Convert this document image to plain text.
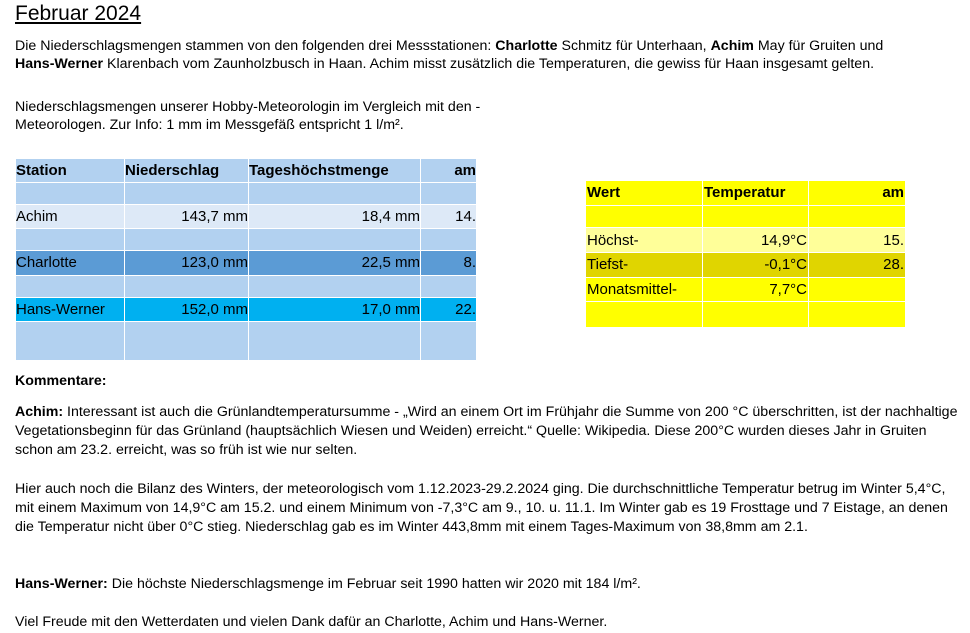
Februar 2024
Die Niederschlagsmengen stammen von den folgenden drei Messstationen: Charlotte Schmitz für Unterhaan, Achim May für Gruiten und Hans-Werner Klarenbach vom Zaunholzbusch in Haan. Achim misst zusätzlich die Temperaturen, die gewiss für Haan insgesamt gelten.
Niederschlagsmengen unserer Hobby-Meteorologin im Vergleich mit den -Meteorologen. Zur Info: 1 mm im Messgefäß entspricht 1 l/m².
Station	Niederschlag	Tageshöchstmenge	am

Achim	143,7 mm	18,4 mm	14.

Charlotte	123,0 mm	22,5 mm	8.

Hans-Werner	152,0 mm	17,0 mm	22.

Wert	Temperatur	am

Höchst-	14,9°C	15.
Tiefst-	-0,1°C	28.
Monatsmittel-	7,7°C	

Kommentare:
Achim: Interessant ist auch die Grünlandtemperatursumme - „Wird an einem Ort im Frühjahr die Summe von 200 °C überschritten, ist der nachhaltige Vegetationsbeginn für das Grünland (hauptsächlich Wiesen und Weiden) erreicht.“ Quelle: Wikipedia. Diese 200°C wurden dieses Jahr in Gruiten schon am 23.2. erreicht, was so früh ist wie nur selten.
Hier auch noch die Bilanz des Winters, der meteorologisch vom 1.12.2023-29.2.2024 ging. Die durchschnittliche Temperatur betrug im Winter 5,4°C, mit einem Maximum von 14,9°C am 15.2. und einem Minimum von -7,3°C am 9., 10. u. 11.1. Im Winter gab es 19 Frosttage und 7 Eistage, an denen die Temperatur nicht über 0°C stieg. Niederschlag gab es im Winter 443,8mm mit einem Tages-Maximum von 38,8mm am 2.1.
Hans-Werner: Die höchste Niederschlagsmenge im Februar seit 1990 hatten wir 2020 mit 184 l/m².
Viel Freude mit den Wetterdaten und vielen Dank dafür an Charlotte, Achim und Hans-Werner.
